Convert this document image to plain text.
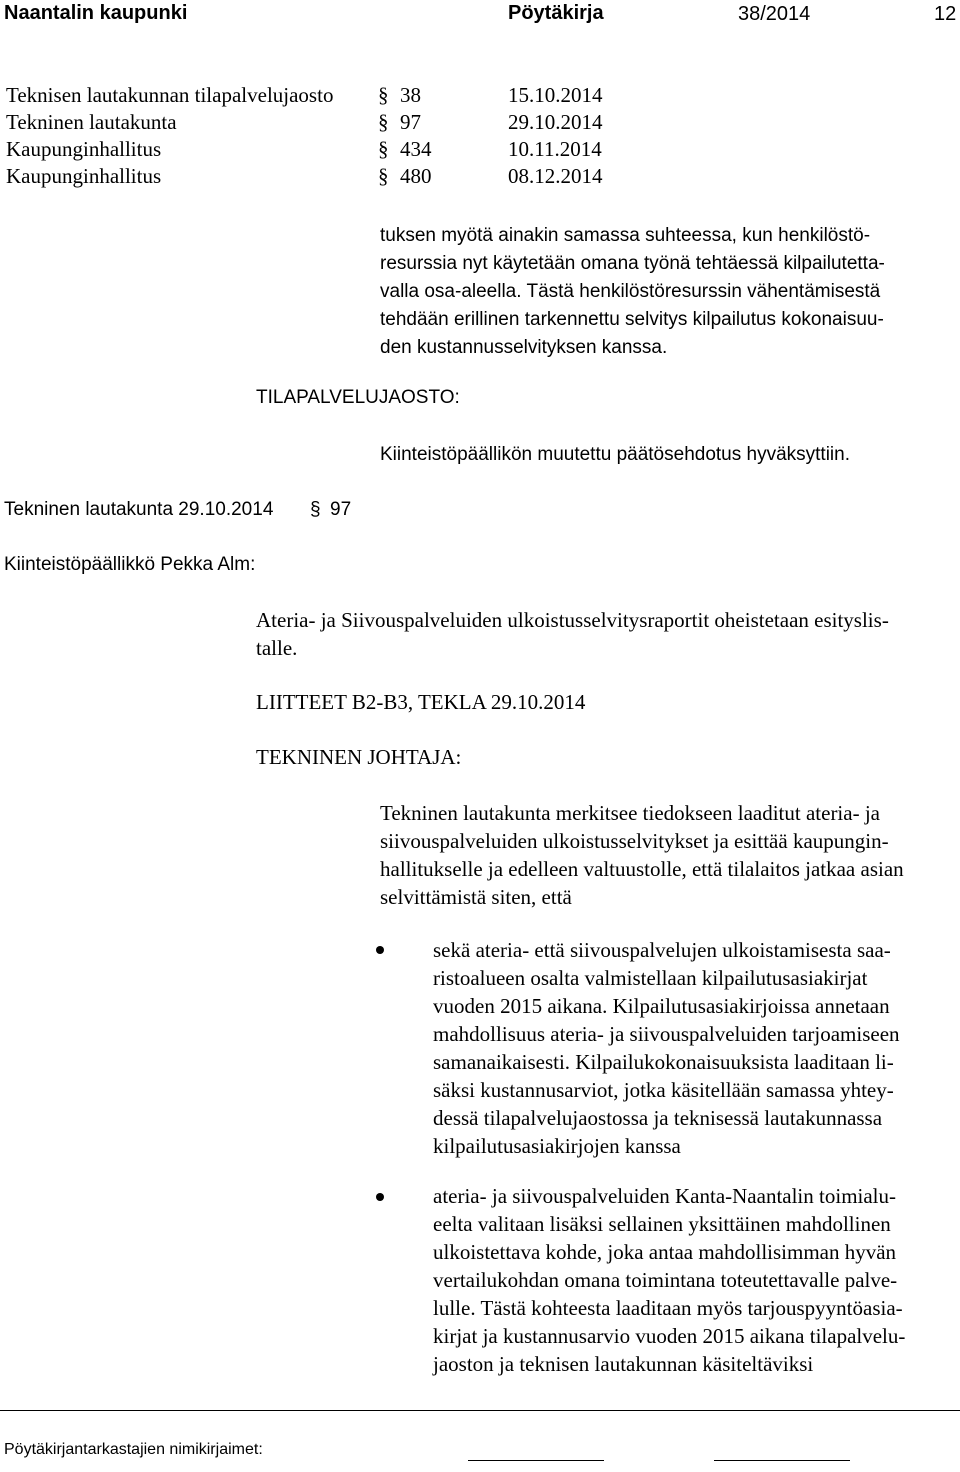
Naantalin kaupunki	Pöytäkirja	38/2014	12
Teknisen lautakunnan tilapalvelujaosto § 38	15.10.2014
Tekninen lautakunta	§ 97	29.10.2014
Kaupunginhallitus	§ 434	10.11.2014
Kaupunginhallitus	§ 480	08.12.2014
tuksen myötä ainakin samassa suhteessa, kun henkilöstö-
resurssia nyt käytetään omana työnä tehtäessä kilpailutetta-
valla osa-aleella. Tästä henkilöstöresurssin vähentämisestä
tehdään erillinen tarkennettu selvitys kilpailutus kokonaisuu-
den kustannusselvityksen kanssa.
TILAPALVELUJAOSTO:
Kiinteistöpäällikön muutettu päätösehdotus hyväksyttiin.
Tekninen lautakunta 29.10.2014 § 97
Kiinteistöpäällikkö Pekka Alm:
Ateria- ja Siivouspalveluiden ulkoistusselvitysraportit oheistetaan esityslis-
talle.
LIITTEET B2-B3, TEKLA 29.10.2014
TEKNINEN JOHTAJA:
Tekninen lautakunta merkitsee tiedokseen laaditut ateria- ja
siivouspalveluiden ulkoistusselvitykset ja esittää kaupungin-
hallitukselle ja edelleen valtuustolle, että tilalaitos jatkaa asian
selvittämistä siten, että
sekä ateria- että siivouspalvelujen ulkoistamisesta saa-
ristoalueen osalta valmistellaan kilpailutusasiakirjat
vuoden 2015 aikana. Kilpailutusasiakirjoissa annetaan
mahdollisuus ateria- ja siivouspalveluiden tarjoamiseen
samanaikaisesti. Kilpailukokonaisuuksista laaditaan li-
säksi kustannusarviot, jotka käsitellään samassa yhtey-
dessä tilapalvelujaostossa ja teknisessä lautakunnassa
kilpailutusasiakirjojen kanssa
ateria- ja siivouspalveluiden Kanta-Naantalin toimialu-
eelta valitaan lisäksi sellainen yksittäinen mahdollinen
ulkoistettava kohde, joka antaa mahdollisimman hyvän
vertailukohdan omana toimintana toteutettavalle palve-
lulle. Tästä kohteesta laaditaan myös tarjouspyyntöasia-
kirjat ja kustannusarvio vuoden 2015 aikana tilapalvelu-
jaoston ja teknisen lautakunnan käsiteltäviksi
Pöytäkirjantarkastajien nimikirjaimet:
